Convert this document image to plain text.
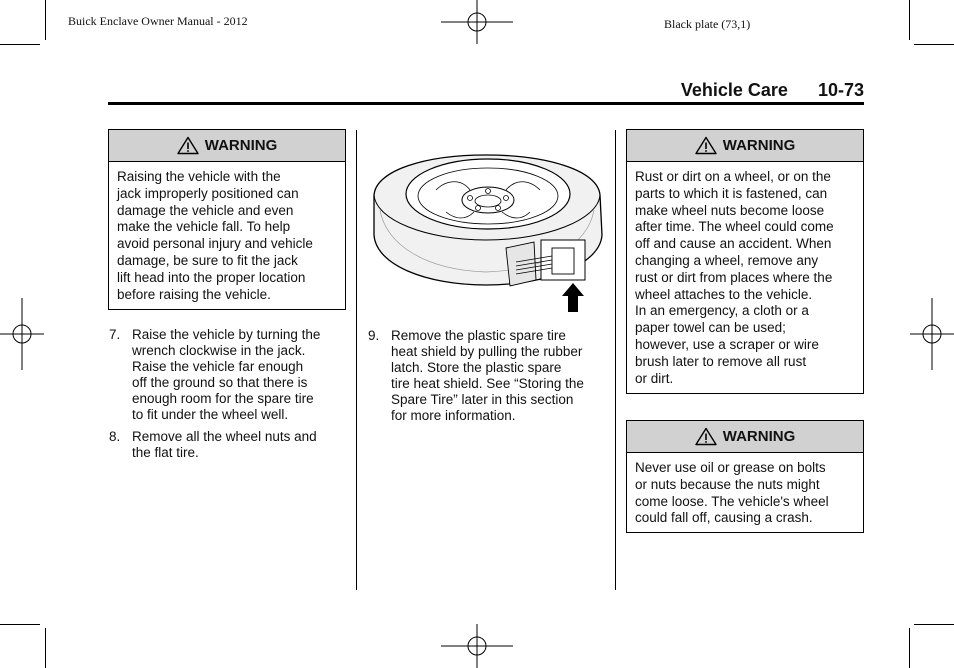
Buick Enclave Owner Manual - 2012	Black plate (73,1)
Vehicle Care 10-73
WARNING
Raising the vehicle with the
jack improperly positioned can
damage the vehicle and even
make the vehicle fall. To help
avoid personal injury and vehicle
damage, be sure to fit the jack
lift head into the proper location
before raising the vehicle.
7. Raise the vehicle by turning the
wrench clockwise in the jack.
Raise the vehicle far enough
off the ground so that there is
enough room for the spare tire
to fit under the wheel well.
8. Remove all the wheel nuts and
the flat tire.
9. Remove the plastic spare tire
heat shield by pulling the rubber
latch. Store the plastic spare
tire heat shield. See “Storing the
Spare Tire” later in this section
for more information.
WARNING
Rust or dirt on a wheel, or on the
parts to which it is fastened, can
make wheel nuts become loose
after time. The wheel could come
off and cause an accident. When
changing a wheel, remove any
rust or dirt from places where the
wheel attaches to the vehicle.
In an emergency, a cloth or a
paper towel can be used;
however, use a scraper or wire
brush later to remove all rust
or dirt.
WARNING
Never use oil or grease on bolts
or nuts because the nuts might
come loose. The vehicle's wheel
could fall off, causing a crash.
